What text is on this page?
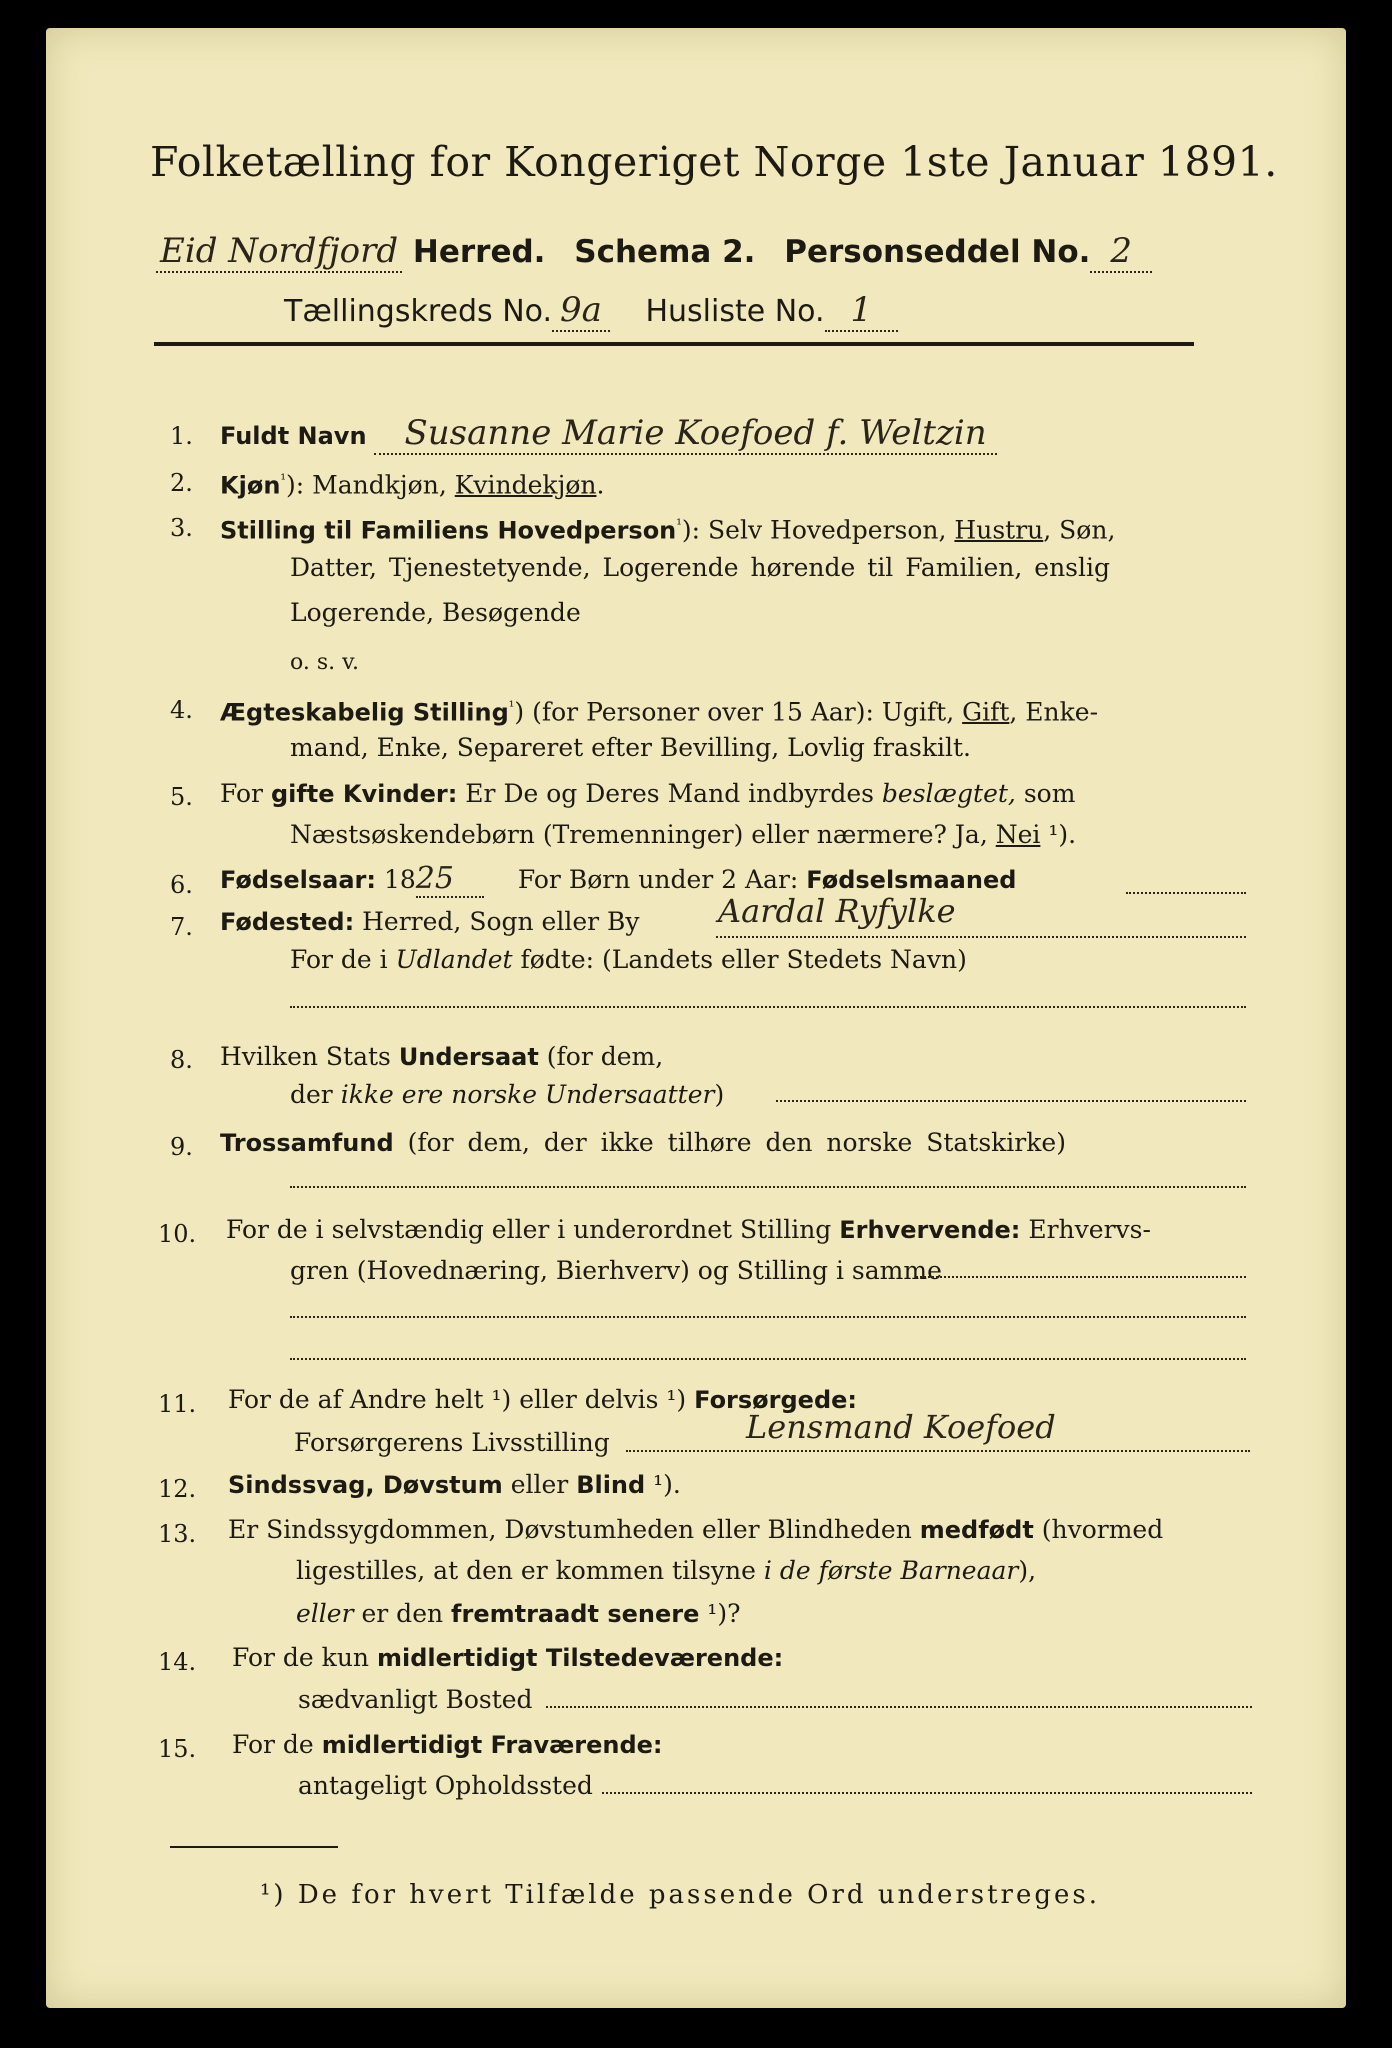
Folketælling for Kongeriget Norge 1ste Januar 1891.
Eid Nordfjord Herred. Schema 2. Personseddel No. 2
Tællingskreds No. 9a Husliste No. 1
1. Fuldt Navn Susanne Marie Koefoed f. Weltzin
2. Kjøn$^{^1}$): Mandkjøn, Kvindekjøn.
3. Stilling til Familiens Hovedperson$^{^1}$): Selv Hovedperson, Hustru, Søn,
Datter, Tjenestetyende, Logerende hørende til Familien, enslig
Logerende, Besøgende
o. s. v.
4. Ægteskabelig Stilling$^{^1}$) (for Personer over 15 Aar): Ugift, Gift, Enke-
mand, Enke, Separeret efter Bevilling, Lovlig fraskilt.
5. For gifte Kvinder: Er De og Deres Mand indbyrdes beslægtet, som
Næstsøskendebørn (Tremenninger) eller nærmere? Ja, Nei ¹).
6. Fødselsaar: 1825	For Børn under 2 Aar: Fødselsmaaned
7. Fødested: Herred, Sogn eller By Aardal Ryfylke
For de i Udlandet fødte: (Landets eller Stedets Navn)
8. Hvilken Stats Undersaat (for dem,
der ikke ere norske Undersaatter)
9. Trossamfund (for dem, der ikke tilhøre den norske Statskirke)
10. For de i selvstændig eller i underordnet Stilling Erhvervende: Erhvervs-
gren (Hovednæring, Bierhverv) og Stilling i samme
11. For de af Andre helt ¹) eller delvis ¹) Forsørgede:
Forsørgerens Livsstilling	Lensmand Koefoed
12. Sindssvag, Døvstum eller Blind ¹).
13. Er Sindssygdommen, Døvstumheden eller Blindheden medfødt (hvormed
ligestilles, at den er kommen tilsyne i de første Barneaar),
eller er den fremtraadt senere ¹)?
14. For de kun midlertidigt Tilstedeværende:
sædvanligt Bosted
15. For de midlertidigt Fraværende:
antageligt Opholdssted
¹) De for hvert Tilfælde passende Ord understreges.
